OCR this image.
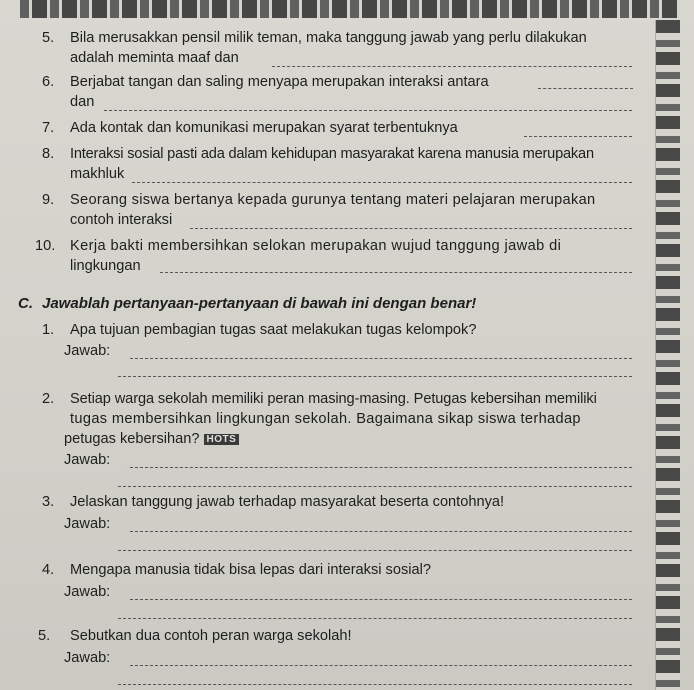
5. Bila merusakkan pensil milik teman, maka tanggung jawab yang perlu dilakukan
adalah meminta maaf dan
6. Berjabat tangan dan saling menyapa merupakan interaksi antara
dan
7. Ada kontak dan komunikasi merupakan syarat terbentuknya
8. Interaksi sosial pasti ada dalam kehidupan masyarakat karena manusia merupakan
makhluk
9. Seorang siswa bertanya kepada gurunya tentang materi pelajaran merupakan
contoh interaksi
10. Kerja bakti membersihkan selokan merupakan wujud tanggung jawab di
lingkungan
C. Jawablah pertanyaan-pertanyaan di bawah ini dengan benar!
1. Apa tujuan pembagian tugas saat melakukan tugas kelompok?
Jawab:
2. Setiap warga sekolah memiliki peran masing-masing. Petugas kebersihan memiliki
tugas membersihkan lingkungan sekolah. Bagaimana sikap siswa terhadap
petugas kebersihan? HOTS
Jawab:
3. Jelaskan tanggung jawab terhadap masyarakat beserta contohnya!
Jawab:
4. Mengapa manusia tidak bisa lepas dari interaksi sosial?
Jawab:
5. Sebutkan dua contoh peran warga sekolah!
Jawab:
